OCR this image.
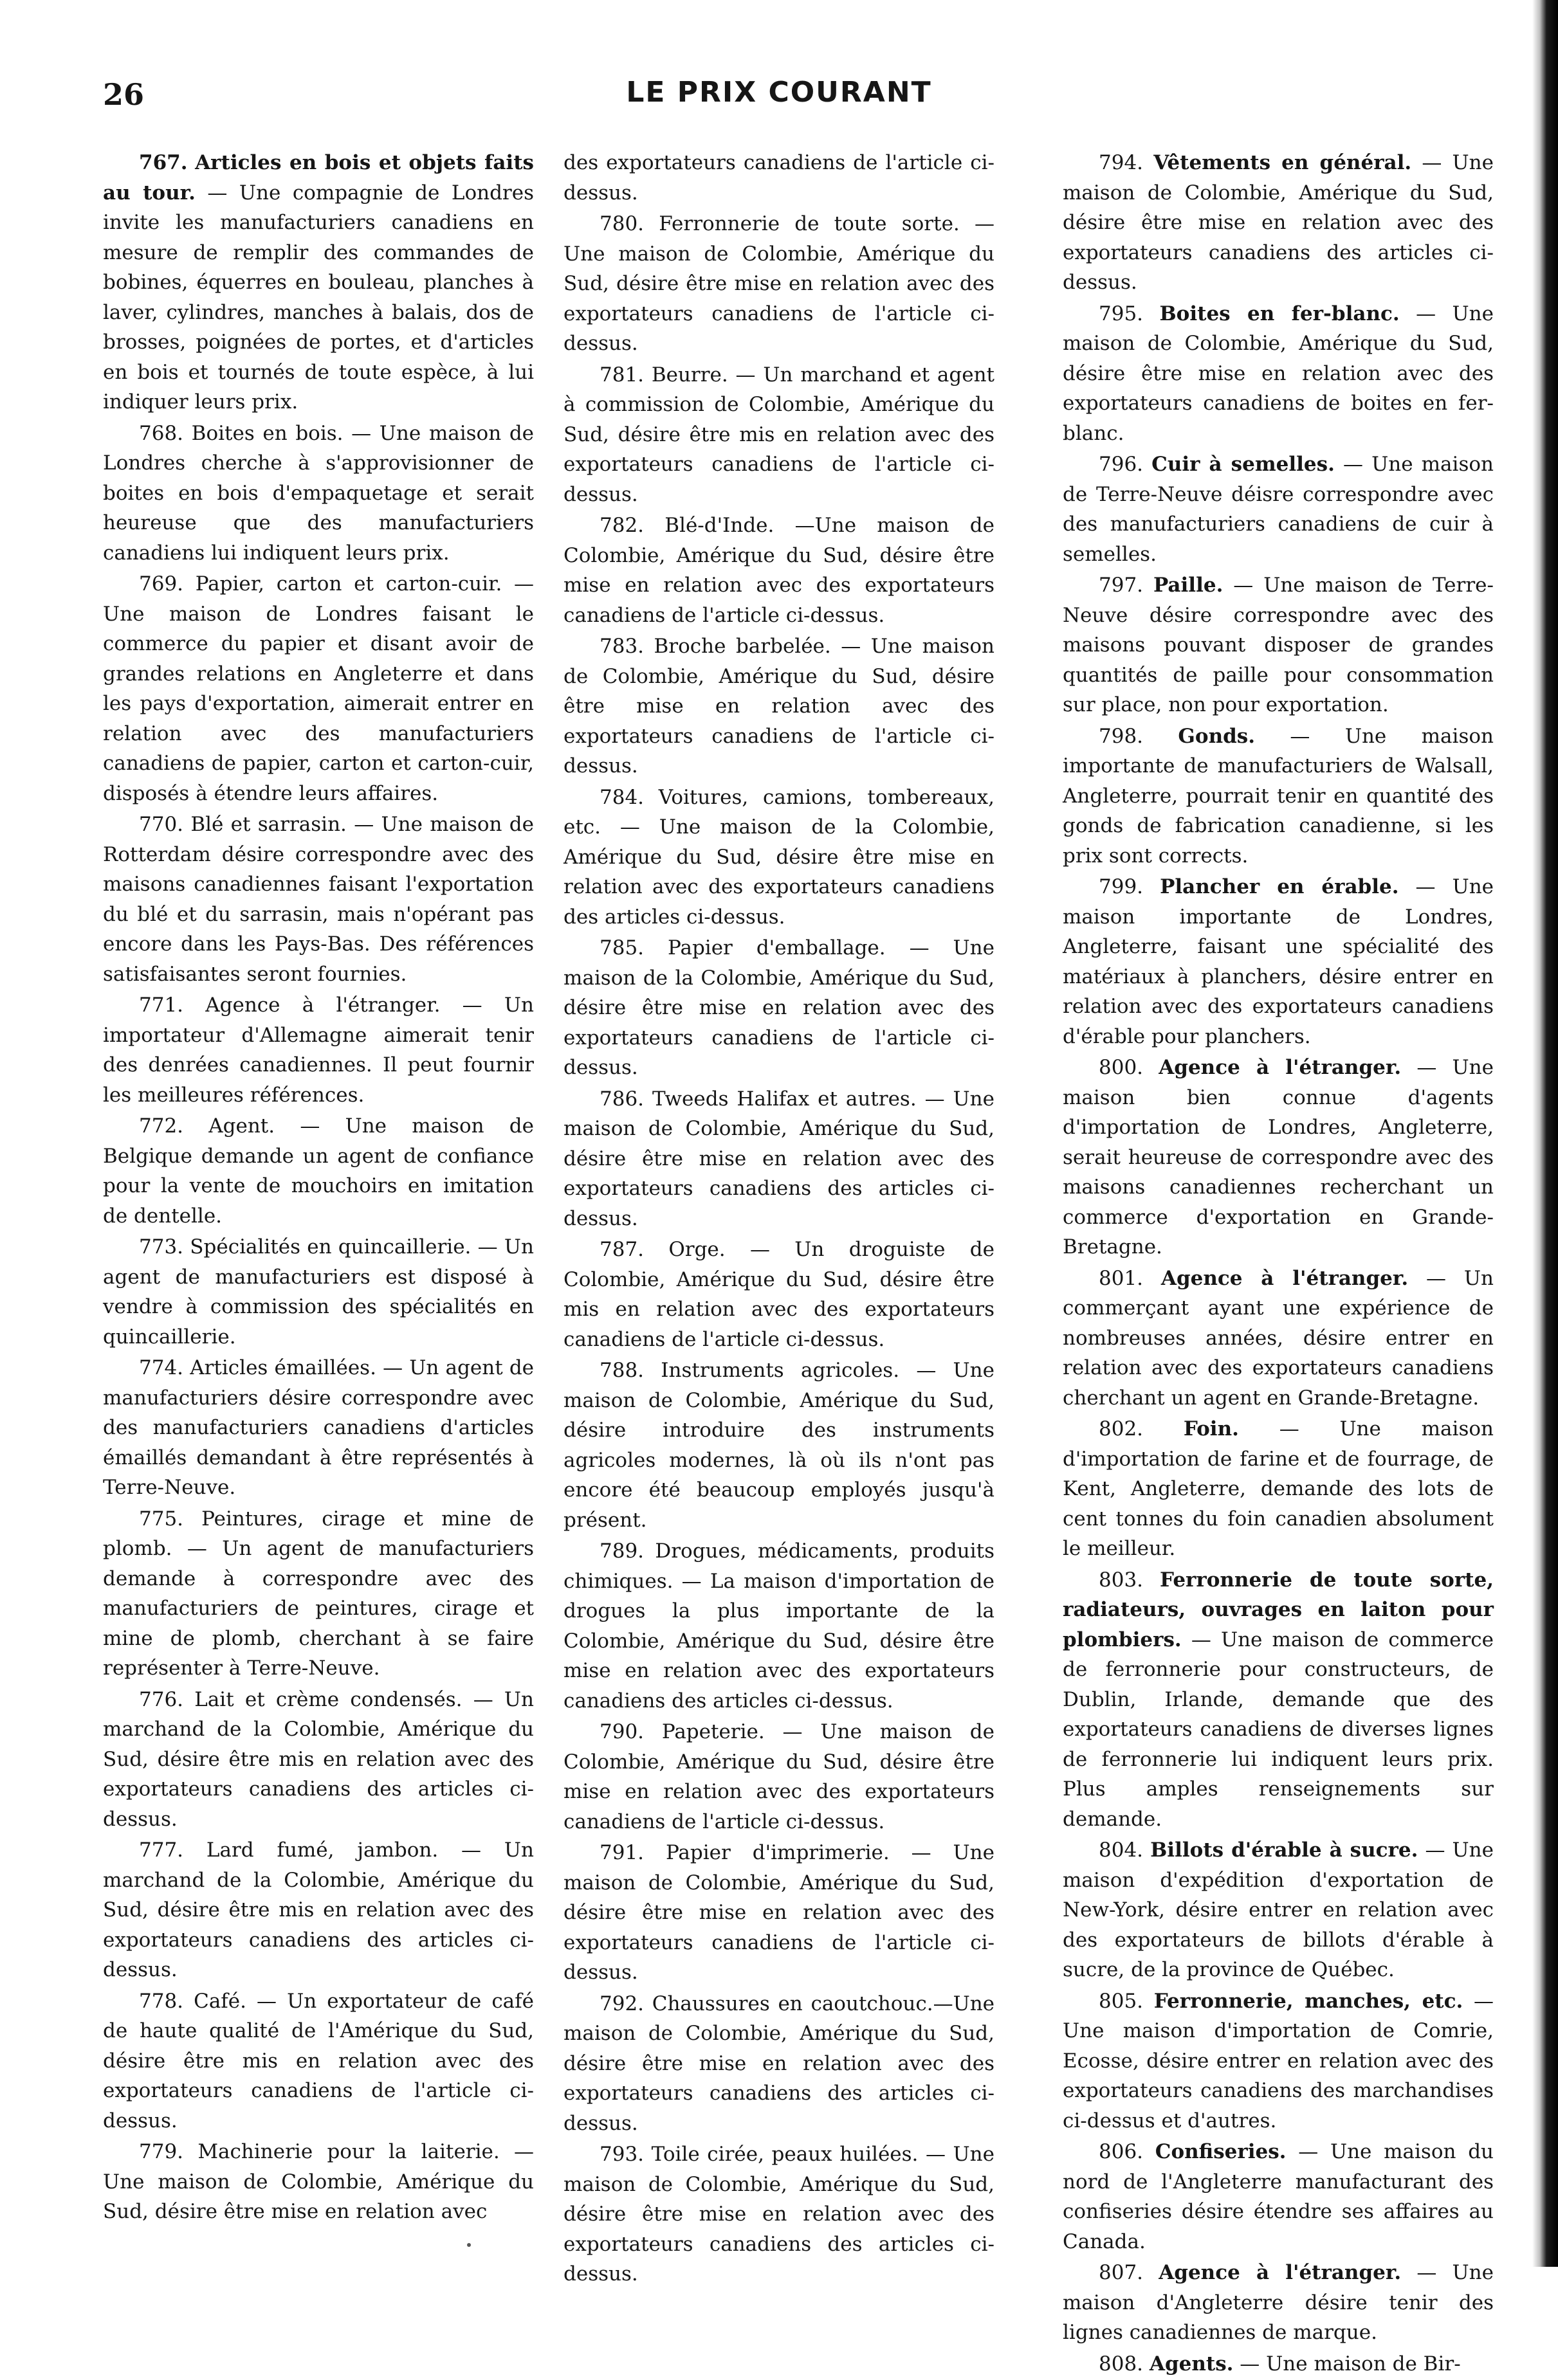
26	LE PRIX COURANT

767. Articles en bois et objets faits au tour. — Une compagnie de Londres invite les manufacturiers canadiens en mesure de remplir des commandes de bobines, équerres en bouleau, planches à laver, cylindres, manches à balais, dos de brosses, poignées de portes, et d'articles en bois et tournés de toute espèce, à lui indiquer leurs prix.

768. Boites en bois. — Une maison de Londres cherche à s'approvisionner de boites en bois d'empaquetage et serait heureuse que des manufacturiers canadiens lui indiquent leurs prix.

769. Papier, carton et carton-cuir. — Une maison de Londres faisant le commerce du papier et disant avoir de grandes relations en Angleterre et dans les pays d'exportation, aimerait entrer en relation avec des manufacturiers canadiens de papier, carton et carton-cuir, disposés à étendre leurs affaires.

770. Blé et sarrasin. — Une maison de Rotterdam désire correspondre avec des maisons canadiennes faisant l'exportation du blé et du sarrasin, mais n'opérant pas encore dans les Pays-Bas. Des références satisfaisantes seront fournies.

771. Agence à l'étranger. — Un importateur d'Allemagne aimerait tenir des denrées canadiennes. Il peut fournir les meilleures références.

772. Agent. — Une maison de Belgique demande un agent de confiance pour la vente de mouchoirs en imitation de dentelle.

773. Spécialités en quincaillerie. — Un agent de manufacturiers est disposé à vendre à commission des spécialités en quincaillerie.

774. Articles émaillées. — Un agent de manufacturiers désire correspondre avec des manufacturiers canadiens d'articles émaillés demandant à être représentés à Terre-Neuve.

775. Peintures, cirage et mine de plomb. — Un agent de manufacturiers demande à correspondre avec des manufacturiers de peintures, cirage et mine de plomb, cherchant à se faire représenter à Terre-Neuve.

776. Lait et crème condensés. — Un marchand de la Colombie, Amérique du Sud, désire être mis en relation avec des exportateurs canadiens des articles ci-dessus.

777. Lard fumé, jambon. — Un marchand de la Colombie, Amérique du Sud, désire être mis en relation avec des exportateurs canadiens des articles ci-dessus.

778. Café. — Un exportateur de café de haute qualité de l'Amérique du Sud, désire être mis en relation avec des exportateurs canadiens de l'article ci-dessus.

779. Machinerie pour la laiterie. — Une maison de Colombie, Amérique du Sud, désire être mise en relation avec

des exportateurs canadiens de l'article ci-dessus.

780. Ferronnerie de toute sorte. — Une maison de Colombie, Amérique du Sud, désire être mise en relation avec des exportateurs canadiens de l'article ci-dessus.

781. Beurre. — Un marchand et agent à commission de Colombie, Amérique du Sud, désire être mis en relation avec des exportateurs canadiens de l'article ci-dessus.

782. Blé-d'Inde. —Une maison de Colombie, Amérique du Sud, désire être mise en relation avec des exportateurs canadiens de l'article ci-dessus.

783. Broche barbelée. — Une maison de Colombie, Amérique du Sud, désire être mise en relation avec des exportateurs canadiens de l'article ci-dessus.

784. Voitures, camions, tombereaux, etc. — Une maison de la Colombie, Amérique du Sud, désire être mise en relation avec des exportateurs canadiens des articles ci-dessus.

785. Papier d'emballage. — Une maison de la Colombie, Amérique du Sud, désire être mise en relation avec des exportateurs canadiens de l'article ci-dessus.

786. Tweeds Halifax et autres. — Une maison de Colombie, Amérique du Sud, désire être mise en relation avec des exportateurs canadiens des articles ci-dessus.

787. Orge. — Un droguiste de Colombie, Amérique du Sud, désire être mis en relation avec des exportateurs canadiens de l'article ci-dessus.

788. Instruments agricoles. — Une maison de Colombie, Amérique du Sud, désire introduire des instruments agricoles modernes, là où ils n'ont pas encore été beaucoup employés jusqu'à présent.

789. Drogues, médicaments, produits chimiques. — La maison d'importation de drogues la plus importante de la Colombie, Amérique du Sud, désire être mise en relation avec des exportateurs canadiens des articles ci-dessus.

790. Papeterie. — Une maison de Colombie, Amérique du Sud, désire être mise en relation avec des exportateurs canadiens de l'article ci-dessus.

791. Papier d'imprimerie. — Une maison de Colombie, Amérique du Sud, désire être mise en relation avec des exportateurs canadiens de l'article ci-dessus.

792. Chaussures en caoutchouc.—Une maison de Colombie, Amérique du Sud, désire être mise en relation avec des exportateurs canadiens des articles ci-dessus.

793. Toile cirée, peaux huilées. — Une maison de Colombie, Amérique du Sud, désire être mise en relation avec des exportateurs canadiens des articles ci-dessus.

794. Vêtements en général. — Une maison de Colombie, Amérique du Sud, désire être mise en relation avec des exportateurs canadiens des articles ci-dessus.

795. Boites en fer-blanc. — Une maison de Colombie, Amérique du Sud, désire être mise en relation avec des exportateurs canadiens de boites en fer-blanc.

796. Cuir à semelles. — Une maison de Terre-Neuve déisre correspondre avec des manufacturiers canadiens de cuir à semelles.

797. Paille. — Une maison de Terre-Neuve désire correspondre avec des maisons pouvant disposer de grandes quantités de paille pour consommation sur place, non pour exportation.

798. Gonds. — Une maison importante de manufacturiers de Walsall, Angleterre, pourrait tenir en quantité des gonds de fabrication canadienne, si les prix sont corrects.

799. Plancher en érable. — Une maison importante de Londres, Angleterre, faisant une spécialité des matériaux à planchers, désire entrer en relation avec des exportateurs canadiens d'érable pour planchers.

800. Agence à l'étranger. — Une maison bien connue d'agents d'importation de Londres, Angleterre, serait heureuse de correspondre avec des maisons canadiennes recherchant un commerce d'exportation en Grande-Bretagne.

801. Agence à l'étranger. — Un commerçant ayant une expérience de nombreuses années, désire entrer en relation avec des exportateurs canadiens cherchant un agent en Grande-Bretagne.

802. Foin. — Une maison d'importation de farine et de fourrage, de Kent, Angleterre, demande des lots de cent tonnes du foin canadien absolument le meilleur.

803. Ferronnerie de toute sorte, radiateurs, ouvrages en laiton pour plombiers. — Une maison de commerce de ferronnerie pour constructeurs, de Dublin, Irlande, demande que des exportateurs canadiens de diverses lignes de ferronnerie lui indiquent leurs prix. Plus amples renseignements sur demande.

804. Billots d'érable à sucre. — Une maison d'expédition d'exportation de New-York, désire entrer en relation avec des exportateurs de billots d'érable à sucre, de la province de Québec.

805. Ferronnerie, manches, etc. — Une maison d'importation de Comrie, Ecosse, désire entrer en relation avec des exportateurs canadiens des marchandises ci-dessus et d'autres.

806. Confiseries. — Une maison du nord de l'Angleterre manufacturant des confiseries désire étendre ses affaires au Canada.

807. Agence à l'étranger. — Une maison d'Angleterre désire tenir des lignes canadiennes de marque.

808. Agents. — Une maison de Bir-
